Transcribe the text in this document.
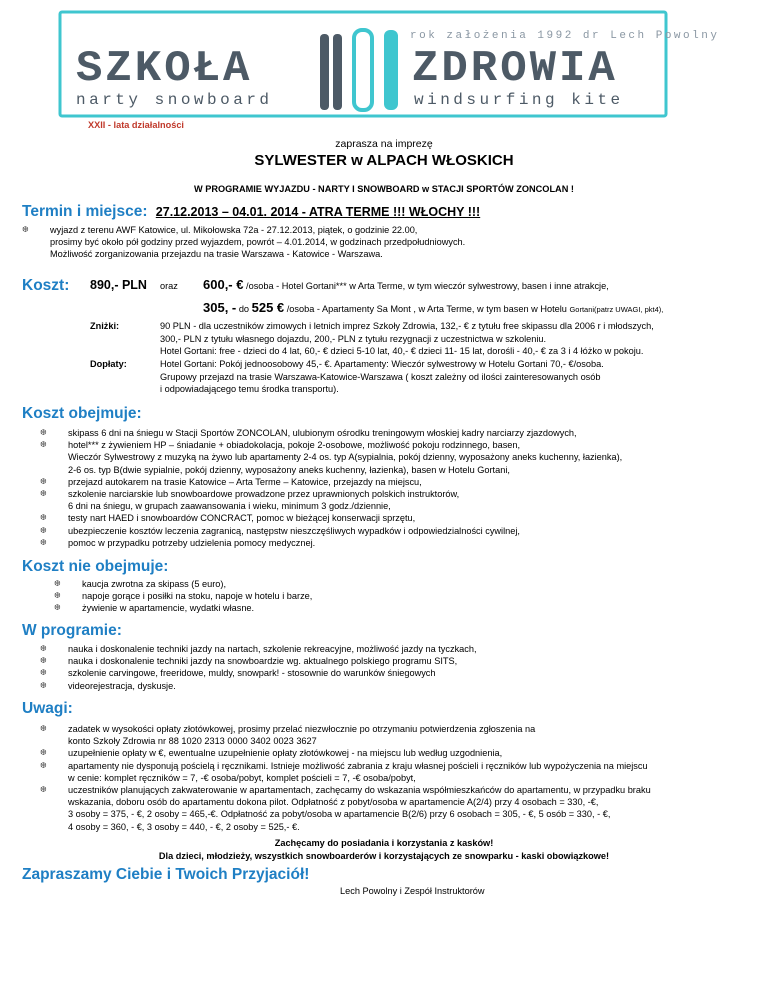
rok założenia 1992 dr Lech Powolny
SZKOŁA	ZDROWIA
narty snowboard	windsurfing kite
XXII - lata działalności
zaprasza na imprezę
SYLWESTER w ALPACH WŁOSKICH
W PROGRAMIE WYJAZDU - NARTY I SNOWBOARD w STACJI SPORTÓW ZONCOLAN !
Termin i miejsce: 27.12.2013 – 04.01. 2014 - ATRA TERME !!! WŁOCHY !!!
❆ wyjazd z terenu AWF Katowice, ul. Mikołowska 72a - 27.12.2013, piątek, o godzinie 22.00,
prosimy być około pół godziny przed wyjazdem, powrót – 4.01.2014, w godzinach przedpołudniowych.
Możliwość zorganizowania przejazdu na trasie Warszawa - Katowice - Warszawa.
Koszt: 890,- PLN oraz 600,- € /osoba - Hotel Gortani*** w Arta Terme, w tym wieczór sylwestrowy, basen i inne atrakcje,
305, - do 525 € /osoba - Apartamenty Sa Mont , w Arta Terme, w tym basen w Hotelu Gortani(patrz UWAGI, pkt4),
Zniżki:	90 PLN - dla uczestników zimowych i letnich imprez Szkoły Zdrowia, 132,- € z tytułu free skipassu dla 2006 r i młodszych,
300,- PLN z tytułu własnego dojazdu, 200,- PLN z tytułu rezygnacji z uczestnictwa w szkoleniu.
Hotel Gortani: free - dzieci do 4 lat, 60,- € dzieci 5-10 lat, 40,- € dzieci 11- 15 lat, dorośli - 40,- € za 3 i 4 łóżko w pokoju.
Dopłaty:	Hotel Gortani: Pokój jednoosobowy 45,- €. Apartamenty: Wieczór sylwestrowy w Hotelu Gortani 70,- €/osoba.
Grupowy przejazd na trasie Warszawa-Katowice-Warszawa ( koszt zależny od ilości zainteresowanych osób
i odpowiadającego temu środka transportu).
Koszt obejmuje:
❆ skipass 6 dni na śniegu w Stacji Sportów ZONCOLAN, ulubionym ośrodku treningowym włoskiej kadry narciarzy zjazdowych,
❆ hotel*** z żywieniem HP – śniadanie + obiadokolacja, pokoje 2-osobowe, możliwość pokoju rodzinnego, basen,
Wieczór Sylwestrowy z muzyką na żywo lub apartamenty 2-4 os. typ A(sypialnia, pokój dzienny, wyposażony aneks kuchenny, łazienka),
2-6 os. typ B(dwie sypialnie, pokój dzienny, wyposażony aneks kuchenny, łazienka), basen w Hotelu Gortani,
❆ przejazd autokarem na trasie Katowice – Arta Terme – Katowice, przejazdy na miejscu,
❆ szkolenie narciarskie lub snowboardowe prowadzone przez uprawnionych polskich instruktorów,
6 dni na śniegu, w grupach zaawansowania i wieku, minimum 3 godz./dziennie,
❆ testy nart HAED i snowboardów CONCRACT, pomoc w bieżącej konserwacji sprzętu,
❆ ubezpieczenie kosztów leczenia zagranicą, następstw nieszczęśliwych wypadków i odpowiedzialności cywilnej,
❆ pomoc w przypadku potrzeby udzielenia pomocy medycznej.
Koszt nie obejmuje:
❆ kaucja zwrotna za skipass (5 euro),
❆ napoje gorące i posiłki na stoku, napoje w hotelu i barze,
❆ żywienie w apartamencie, wydatki własne.
W programie:
❆ nauka i doskonalenie techniki jazdy na nartach, szkolenie rekreacyjne, możliwość jazdy na tyczkach,
❆ nauka i doskonalenie techniki jazdy na snowboardzie wg. aktualnego polskiego programu SITS,
❆ szkolenie carvingowe, freeridowe, muldy, snowpark! - stosownie do warunków śniegowych
❆ videorejestracja, dyskusje.
Uwagi:
❆ zadatek w wysokości opłaty złotówkowej, prosimy przelać niezwłocznie po otrzymaniu potwierdzenia zgłoszenia na
konto Szkoły Zdrowia nr 88 1020 2313 0000 3402 0023 3627
❆ uzupełnienie opłaty w €, ewentualne uzupełnienie opłaty złotówkowej - na miejscu lub według uzgodnienia,
❆ apartamenty nie dysponują pościelą i ręcznikami. Istnieje możliwość zabrania z kraju własnej pościeli i ręczników lub wypożyczenia na miejscu
w cenie: komplet ręczników = 7, -€ osoba/pobyt, komplet pościeli = 7, -€ osoba/pobyt,
❆ uczestników planujących zakwaterowanie w apartamentach, zachęcamy do wskazania współmieszkańców do apartamentu, w przypadku braku
wskazania, doboru osób do apartamentu dokona pilot. Odpłatność z pobyt/osoba w apartamencie A(2/4) przy 4 osobach = 330, -€,
3 osoby = 375, - €, 2 osoby = 465,-€. Odpłatność za pobyt/osoba w apartamencie B(2/6) przy 6 osobach = 305, - €, 5 osób = 330, - €,
4 osoby = 360, - €, 3 osoby = 440, - €, 2 osoby = 525,- €.
Zachęcamy do posiadania i korzystania z kasków!
Dla dzieci, młodzieży, wszystkich snowboarderów i korzystających ze snowparku - kaski obowiązkowe!
Zapraszamy Ciebie i Twoich Przyjaciół!
Lech Powolny i Zespół Instruktorów
